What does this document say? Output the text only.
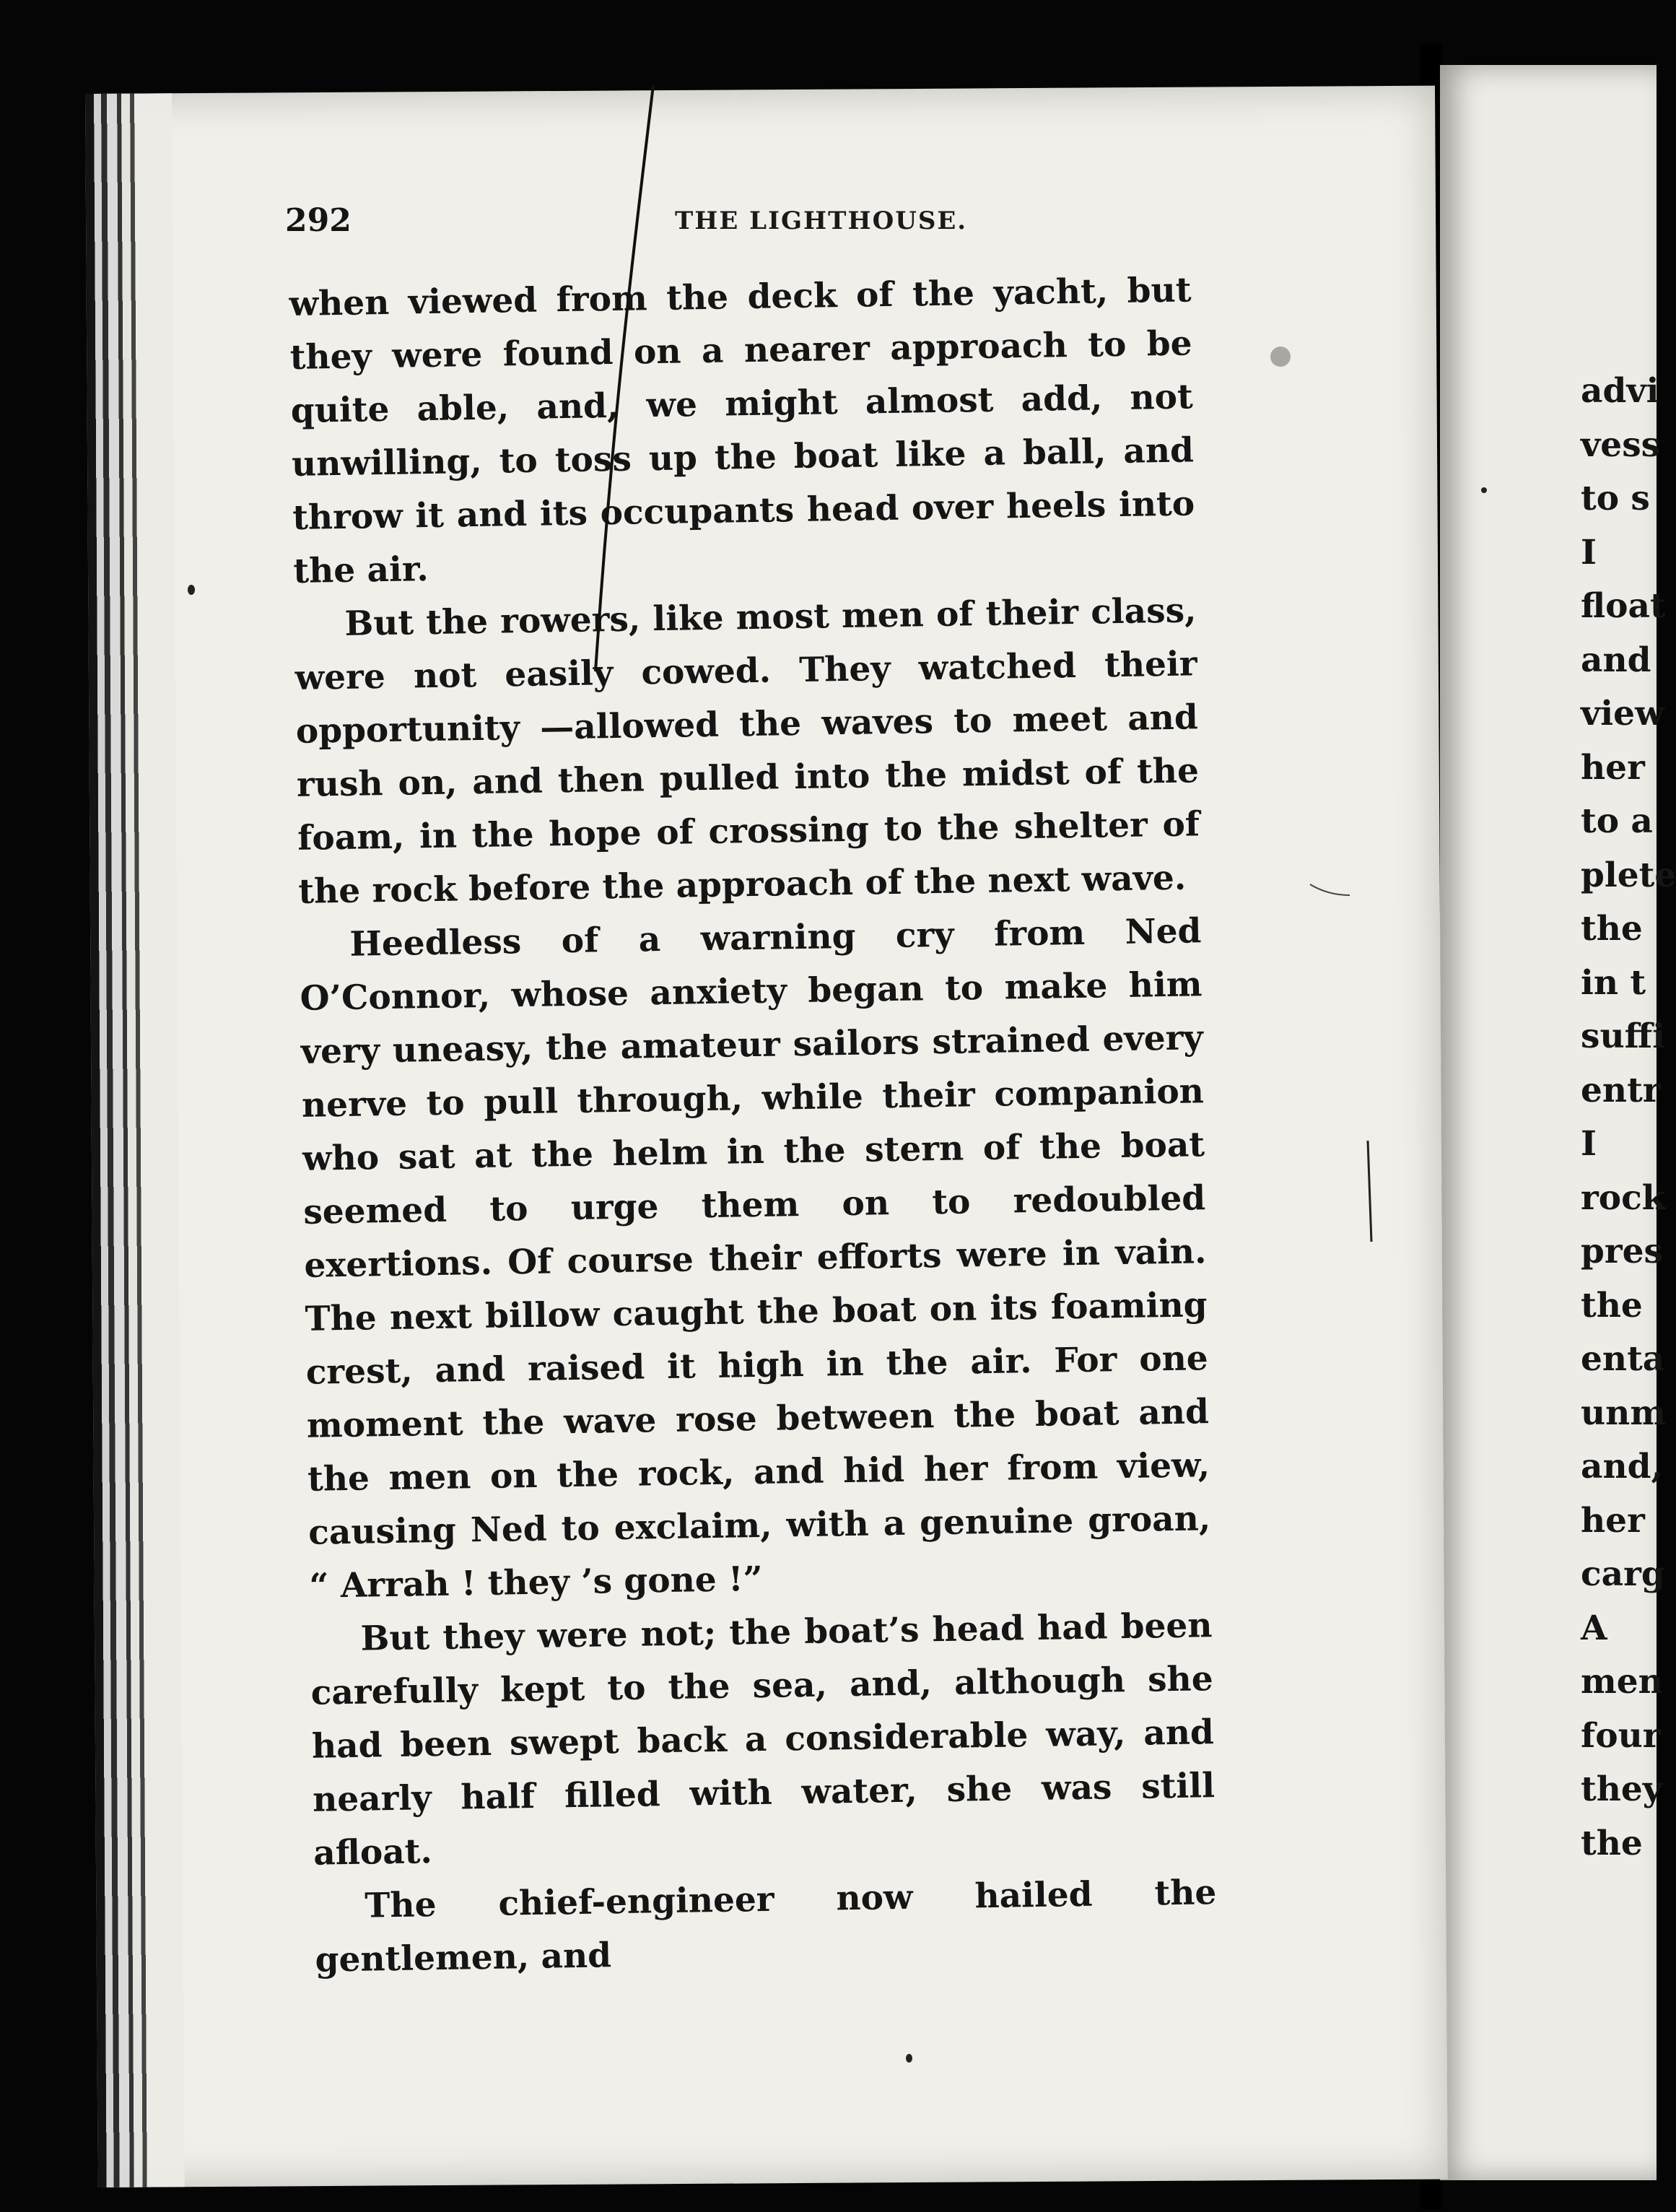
advi
vess
to s
I
float
and
view
her
to a
plete
the
in t
suffi
entr
I
rock
pres
the
enta
unm
and,
her
carg
A
men
four
they
the
292	THE LIGHTHOUSE.

when viewed from the deck of the yacht, but they were found on a nearer approach to be quite able, and, we might almost add, not unwilling, to toss up the boat like a ball, and throw it and its occupants head over heels into the air.

But the rowers, like most men of their class, were not easily cowed. They watched their opportunity —allowed the waves to meet and rush on, and then pulled into the midst of the foam, in the hope of crossing to the shelter of the rock before the approach of the next wave.

Heedless of a warning cry from Ned O’Connor, whose anxiety began to make him very uneasy, the amateur sailors strained every nerve to pull through, while their companion who sat at the helm in the stern of the boat seemed to urge them on to redoubled exertions. Of course their efforts were in vain. The next billow caught the boat on its foaming crest, and raised it high in the air. For one moment the wave rose between the boat and the men on the rock, and hid her from view, causing Ned to exclaim, with a genuine groan, “ Arrah ! they ’s gone !”

But they were not; the boat’s head had been carefully kept to the sea, and, although she had been swept back a considerable way, and nearly half filled with water, she was still afloat.

The chief-engineer now hailed the gentlemen, and
